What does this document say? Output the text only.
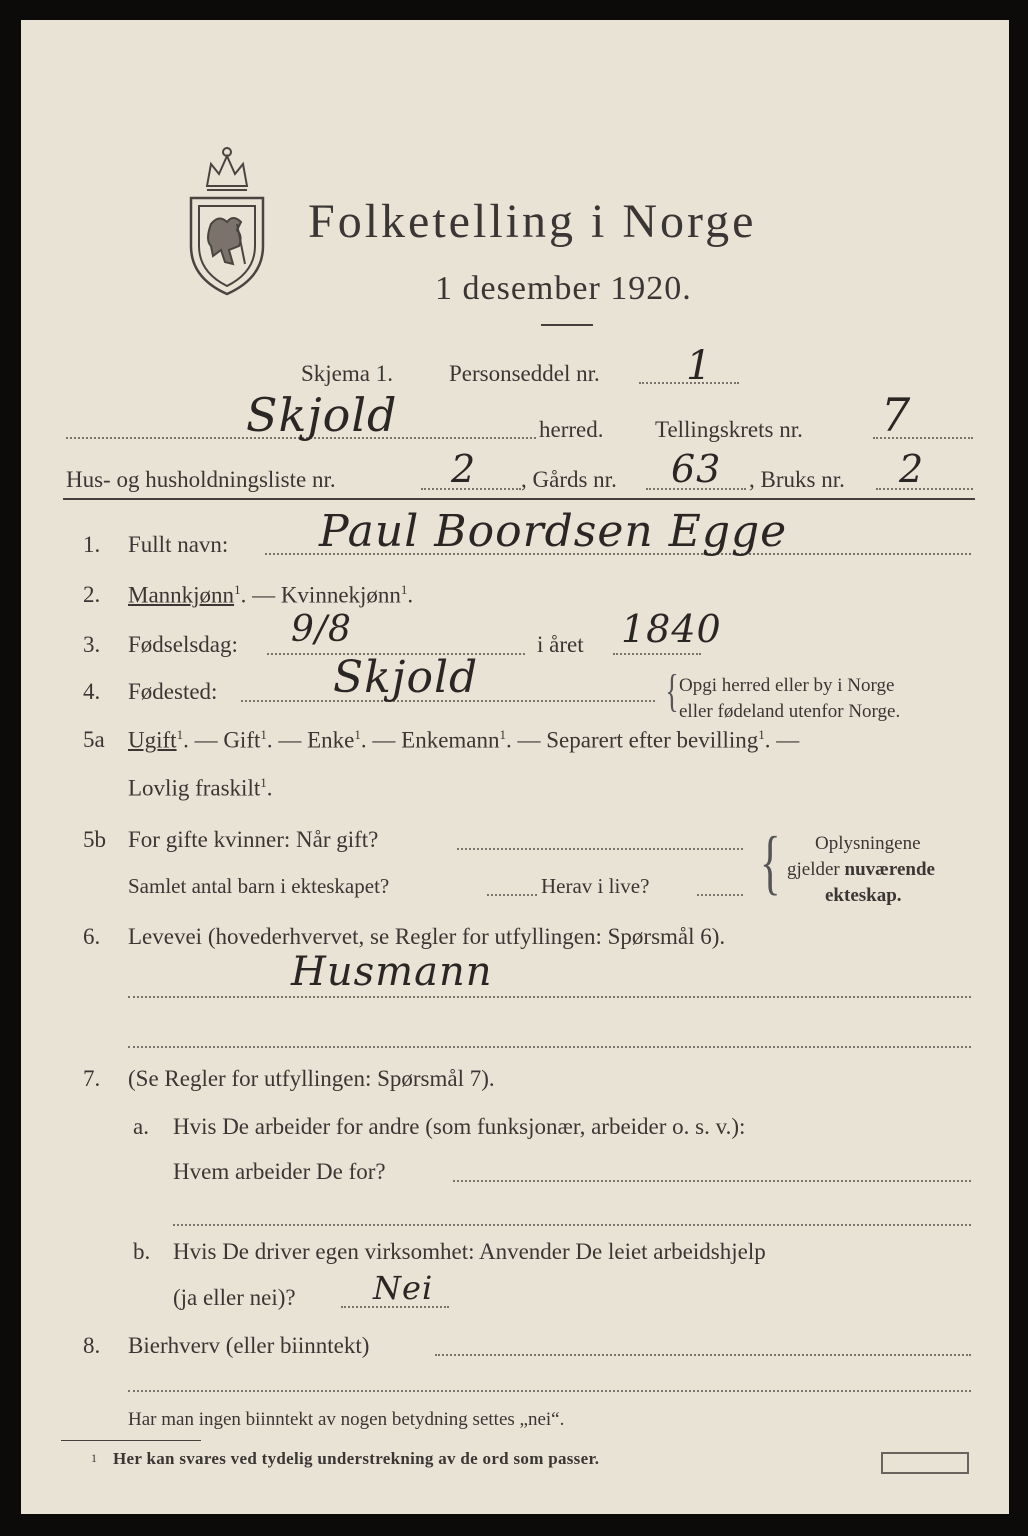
Folketelling i Norge
1 desember 1920.
Skjema 1. Personseddel nr. 1
Skjold	herred. Tellingskrets nr. 7
Hus- og husholdningsliste nr.	2 , Gårds nr. 63 , Bruks nr. 2
1. Fullt navn: Paul Boordsen Egge
2. Mannkjønn$^1$. — Kvinnekjønn$^1$.
3. Fødselsdag: 9/8	i året 1840
4. Fødested:	Skjold	{ Opgi herred eller by i Norge
eller fødeland utenfor Norge.
5a Ugift$^1$. — Gift$^1$. — Enke$^1$. — Enkemann$^1$. — Separert efter bevilling$^1$. —
Lovlig fraskilt$^1$.
5b For gifte kvinner: Når gift?
Samlet antal barn i ekteskapet?	Herav i live? { Oplysningene
gjelder nuværende
ekteskap.
6. Levevei (hovederhvervet, se Regler for utfyllingen: Spørsmål 6).
Husmann
7. (Se Regler for utfyllingen: Spørsmål 7).
a. Hvis De arbeider for andre (som funksjonær, arbeider o. s. v.):
Hvem arbeider De for?
b. Hvis De driver egen virksomhet: Anvender De leiet arbeidshjelp
(ja eller nei)? Nei
8. Bierhverv (eller biinntekt)
Har man ingen biinntekt av nogen betydning settes „nei“.
1 Her kan svares ved tydelig understrekning av de ord som passer.
